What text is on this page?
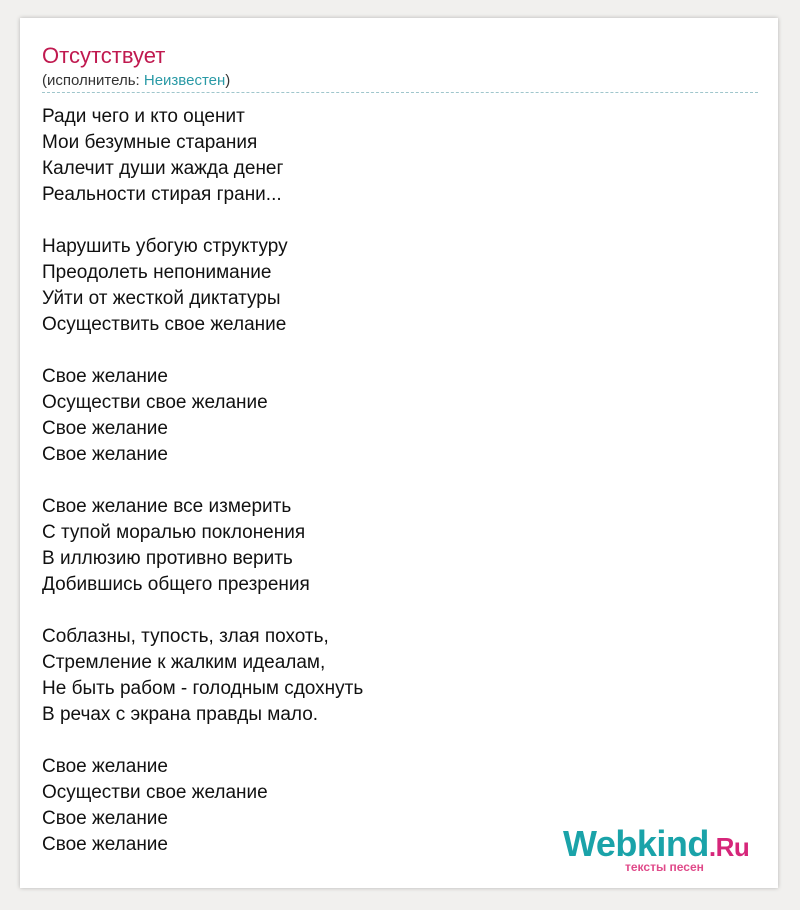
Отсутствует
(исполнитель: Неизвестен)
Ради чего и кто оценит
Мои безумные старания
Калечит души жажда денег
Реальности стирая грани...
Нарушить убогую структуру
Преодолеть непонимание
Уйти от жесткой диктатуры
Осуществить свое желание
Свое желание
Осуществи свое желание
Свое желание
Свое желание
Свое желание все измерить
С тупой моралью поклонения
В иллюзию противно верить
Добившись общего презрения
Соблазны, тупость, злая похоть,
Стремление к жалким идеалам,
Не быть рабом - голодным сдохнуть
В речах с экрана правды мало.
Свое желание
Осуществи свое желание
Свое желание
Свое желание	Webkind.Ru
тексты песен
